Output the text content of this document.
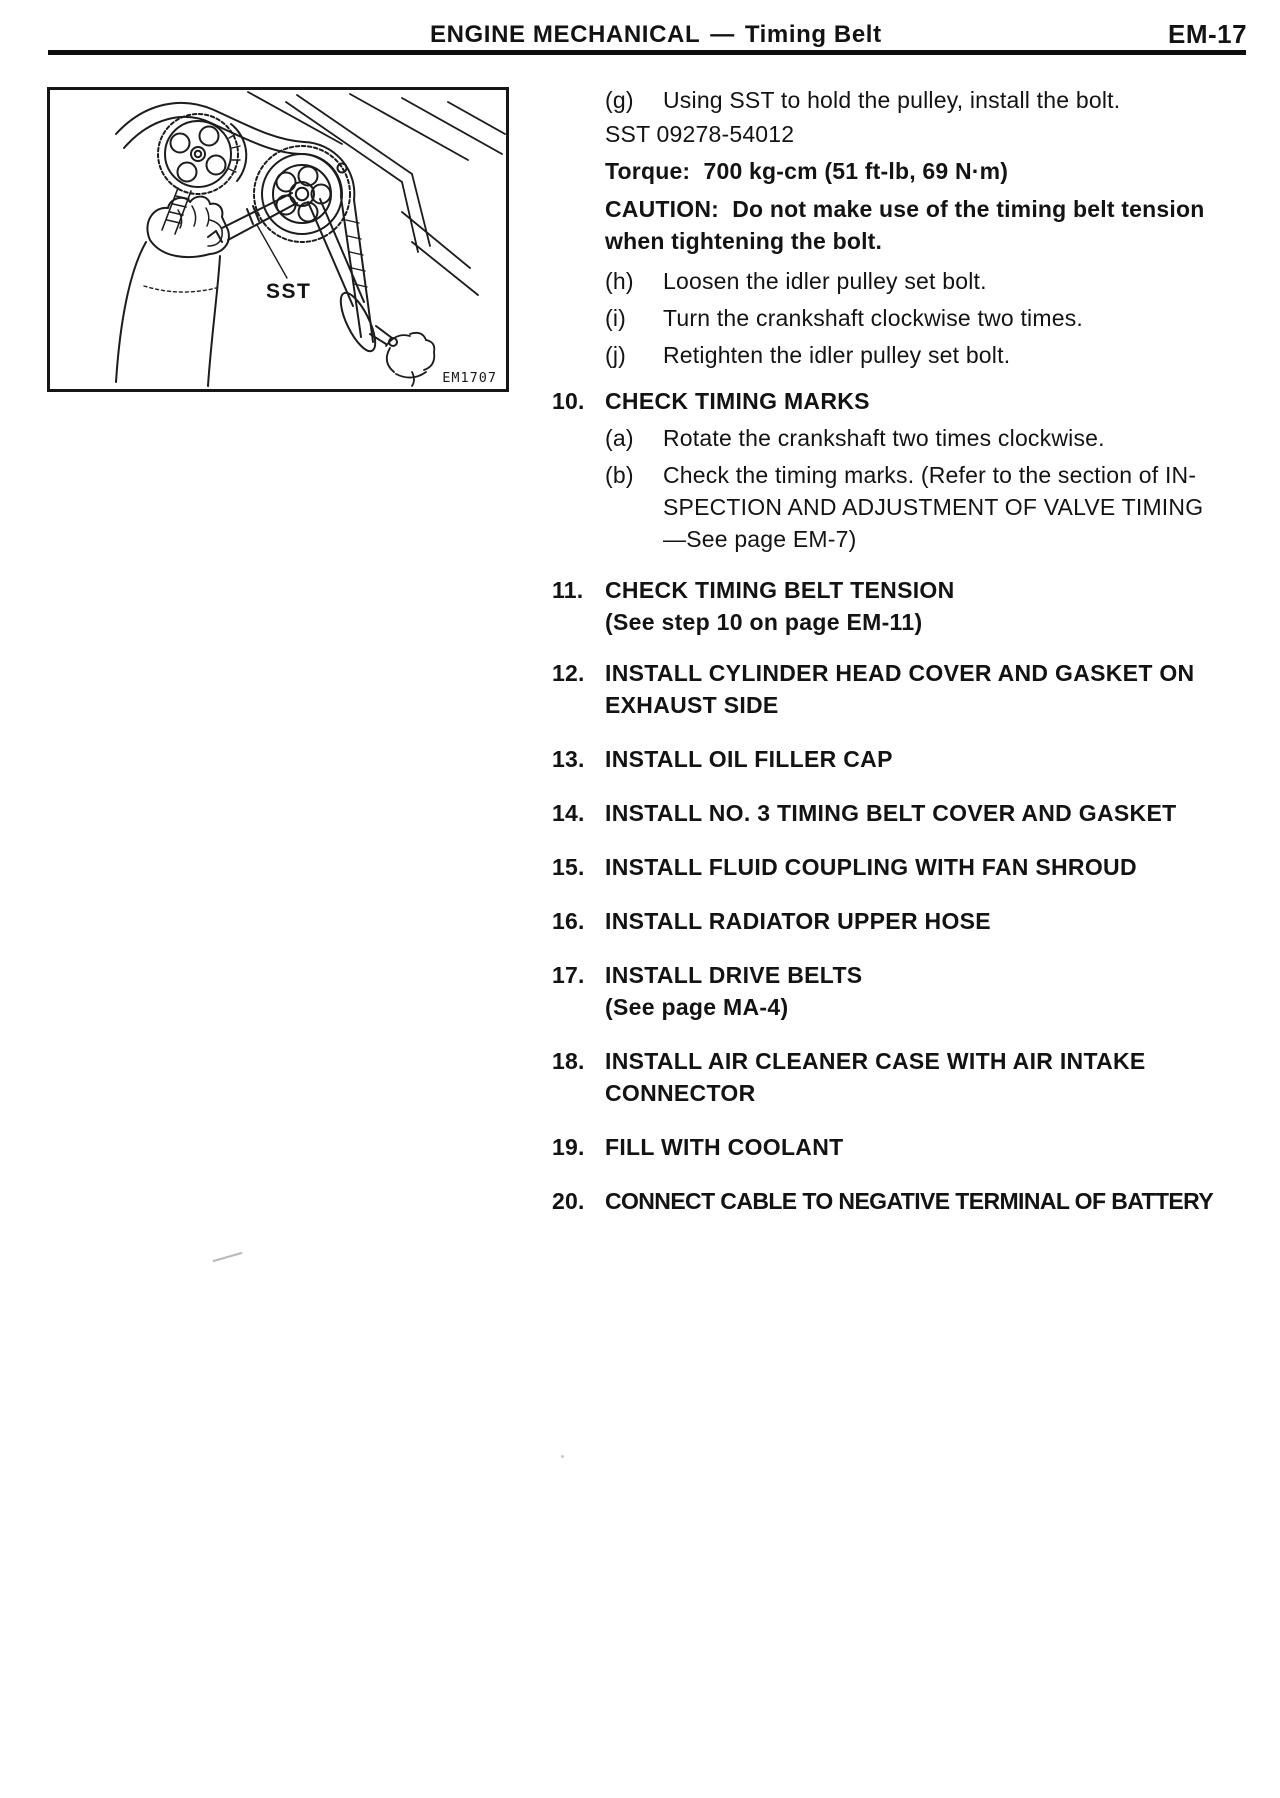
ENGINE MECHANICAL — Timing Belt	EM-17
SST
EM1707
(g)	Using SST to hold the pulley, install the bolt.
SST 09278-54012
Torque:  700 kg-cm (51 ft-lb, 69 N·m)
CAUTION:  Do not make use of the timing belt tension
when tightening the bolt.
(h)	Loosen the idler pulley set bolt.
(i)	Turn the crankshaft clockwise two times.
(j)	Retighten the idler pulley set bolt.
10. CHECK TIMING MARKS
(a)	Rotate the crankshaft two times clockwise.
(b)	Check the timing marks. (Refer to the section of IN-
SPECTION AND ADJUSTMENT OF VALVE TIMING
—See page EM-7)
11. CHECK TIMING BELT TENSION
(See step 10 on page EM-11)
12. INSTALL CYLINDER HEAD COVER AND GASKET ON
EXHAUST SIDE
13. INSTALL OIL FILLER CAP
14. INSTALL NO. 3 TIMING BELT COVER AND GASKET
15. INSTALL FLUID COUPLING WITH FAN SHROUD
16. INSTALL RADIATOR UPPER HOSE
17. INSTALL DRIVE BELTS
(See page MA-4)
18. INSTALL AIR CLEANER CASE WITH AIR INTAKE
CONNECTOR
19. FILL WITH COOLANT
20. CONNECT CABLE TO NEGATIVE TERMINAL OF BATTERY
